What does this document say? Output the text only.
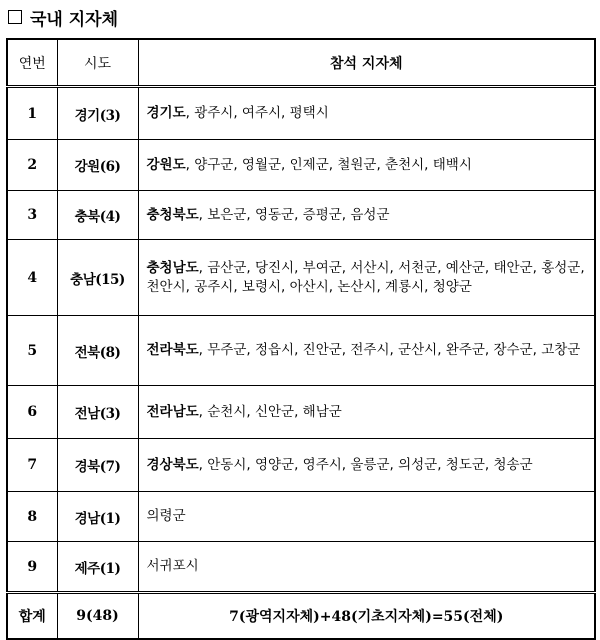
국내 지자체
연번	시도	참석 지자체
1	경기(3)	경기도, 광주시, 여주시, 평택시
2	강원(6)	강원도, 양구군, 영월군, 인제군, 철원군, 춘천시, 태백시
3	충북(4)	충청북도, 보은군, 영동군, 증평군, 음성군
4	충남(15)	충청남도, 금산군, 당진시, 부여군, 서산시, 서천군, 예산군, 태안군, 홍성군, 천안시, 공주시, 보령시, 아산시, 논산시, 계룡시, 청양군
5	전북(8)	전라북도, 무주군, 정읍시, 진안군, 전주시, 군산시, 완주군, 장수군, 고창군
6	전남(3)	전라남도, 순천시, 신안군, 해남군
7	경북(7)	경상북도, 안동시, 영양군, 영주시, 울릉군, 의성군, 청도군, 청송군
8	경남(1)	의령군
9	제주(1)	서귀포시
합계	9(48)	7(광역지자체)+48(기초지자체)=55(전체)
